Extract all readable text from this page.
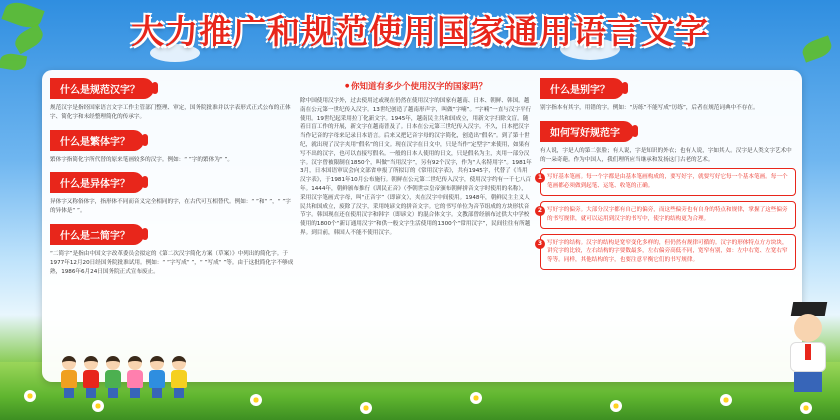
大力推广和规范使用国家通用语言文字
什么是规范汉字？
规范汉字是指经国家语言文字工作主管部门整理、审定，国务院批准并以字表形式正式公布的正体字、简化字和未经整理简化的传承字。
什么是繁体字？
繁体字指简化字所代替的原来笔画较多的汉字。例如：“ ”字的繁体为“ ”。
什么是异体字？
异体字又称俗体字，指形体不同而音义完全相同的字，在古代可互相替代。例如：“ ”和“ ”，“ ”字的异体是“ ”。
什么是二简字？
“二简字”是指由中国文字改革委员会拟定的《第二次汉字简化方案（草案）》中列出的简化字。于1977年12月20日经国务院批准试用。例如：“ ”字写成“ ”，“ ”写成“ ”等。由于这批简化字不够成熟，1986年6月24日国务院正式宣布废止。
● 你知道有多少个使用汉字的国家吗？
除中国使用汉字外，过去使用过或现在仍然在使用汉字的国家有越南、日本、朝鲜、韩国。越南在公元第一世纪传入汉字。13世纪创造了越南形声字，叫做“字喃”。“字喃”一直与汉字平行使用。19世纪起采用拉丁化新文字。1945年，越南民主共和国成立，用新文字扫除文盲。随着日盲工作的开展，新文字在越南普及了。日本在公元第三世纪传入汉字。不久，日本把汉字当作记音的字母来记录日本语言。后来又把记音字母的汉字简化，创造出“假名”。到了第十世纪，就出现了汉字夹用“假名”的日文。现在汉字在日文中，只是当作“定型字”来使用，如果有写不出的汉字，也可以直接写假名。一般的日本人使用的日文，只是假名为主，夹用一部分汉字。汉字曾被限制在1850个，叫做“当用汉字”，另有92个汉字，作为“人名特用字”。1981年3月，日本国语审议会向文部省申报了所拟订的《常用汉字表》，共有1945字，代替了《当用汉字表》，于1981年10月公布施行。朝鲜在公元第二世纪传入汉字，使用汉字约有一千七八百年。1444年，朝鲜颁布推行《训民正音》（李朝世宗皇帝颁布朝鲜拼音文字时使用的名称），采用汉字笔画式字母，叫“正音字”（即谚文），夹在汉字中间使用。1948年，朝鲜民主主义人民共和国成立，废除了汉字，采用纯谚文的拼音文字。它的书写单位为音节组成的方块形状音节字。韩国现在还在使用汉字和韩字（即谚文）的混合体文字。文教部曾经颁布过供大中学校使用的1800个“新订通用汉字”和供一般文字生活使用的1300个“常用汉字”，民间往往有所越界。到目前，韩国人不能不使用汉字。
什么是别字？
别字指本有其字，用错的字。例如：“历练”不能写成“厉练”，后者在规范词典中不存在。
如何写好规范字
有人说，字是人的第二张脸；有人说，字是知识的外衣；也有人说，字如其人。汉字是人类文字艺术中的一朵奇葩。作为中国人，我们理所应当继承和发扬这门古老的艺术。
1 写好基本笔画。每一个字都是由基本笔画构成的，要写好字，就要写好它每一个基本笔画。每一个笔画都必须做到起笔、运笔、收笔的正确。
2 写好字的偏旁。大部分汉字都有自己的偏旁，而这些偏旁也有自身的特点和规律，掌握了这些偏旁的书写规律，就可以运用到汉字的书写中，使字的结构更为合理。
3 写好字的结构。汉字的结构是宽窄变化多样的，但仍然有规律可循的。汉字的形体特点方方块块，讲究字的比较，左右结构的字要数最多，左右偏旁高低不同，宽窄有别，如：左中右宽、左宽右窄等等。同样，其他结构的字，也要注意平衡它们的书写规律。
